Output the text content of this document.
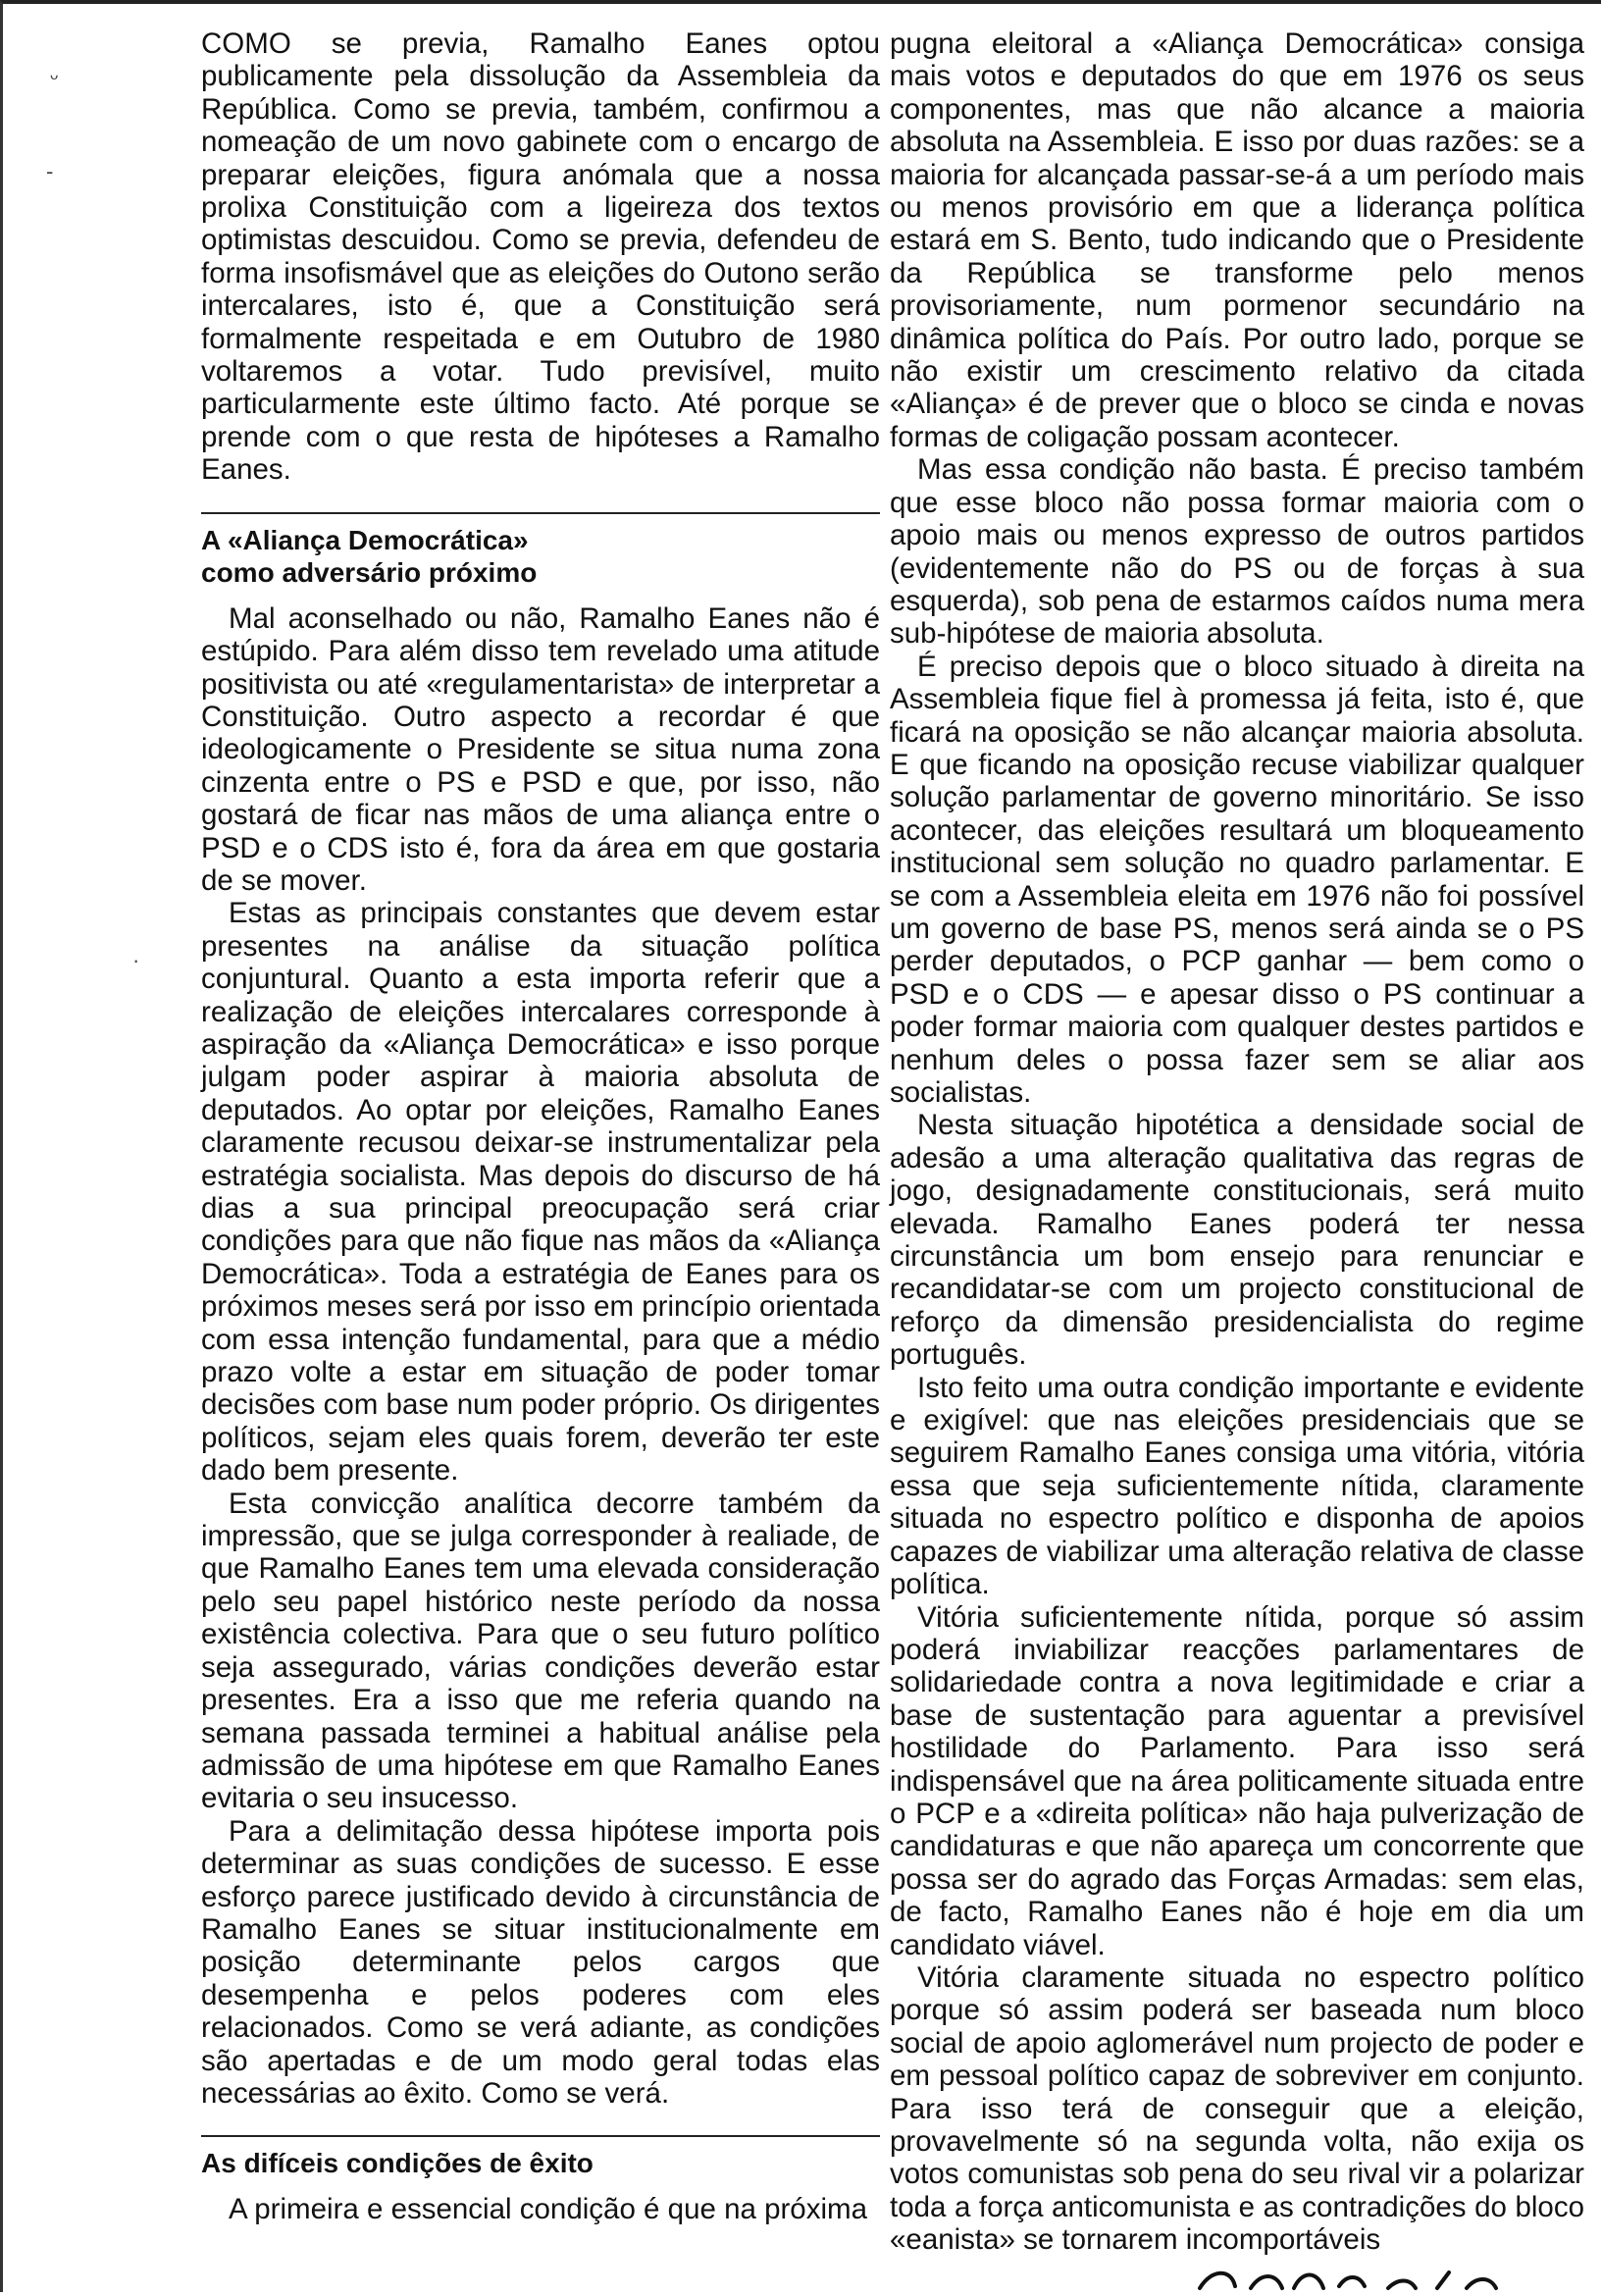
ᵕ
-
·

COMO se previa, Ramalho Eanes optou publicamente pela dissolução da Assembleia da República. Como se previa, também, confirmou a nomeação de um novo gabinete com o encargo de preparar eleições, figura anómala que a nossa prolixa Constituição com a ligeireza dos textos optimistas descuidou. Como se previa, defendeu de forma insofismável que as eleições do Outono serão intercalares, isto é, que a Constituição será formalmente respeitada e em Outubro de 1980 voltaremos a votar. Tudo previsível, muito particularmente este último facto. Até porque se prende com o que resta de hipóteses a Ramalho Eanes.

A «Aliança Democrática»
como adversário próximo

Mal aconselhado ou não, Ramalho Eanes não é estúpido. Para além disso tem revelado uma atitude positivista ou até «regulamentarista» de interpretar a Constituição. Outro aspecto a recordar é que ideologicamente o Presidente se situa numa zona cinzenta entre o PS e PSD e que, por isso, não gostará de ficar nas mãos de uma aliança entre o PSD e o CDS isto é, fora da área em que gostaria de se mover.

Estas as principais constantes que devem estar presentes na análise da situação política conjuntural. Quanto a esta importa referir que a realização de eleições intercalares corresponde à aspiração da «Aliança Democrática» e isso porque julgam poder aspirar à maioria absoluta de deputados. Ao optar por eleições, Ramalho Eanes claramente recusou deixar-se instrumentalizar pela estratégia socialista. Mas depois do discurso de há dias a sua principal preocupação será criar condições para que não fique nas mãos da «Aliança Democrática». Toda a estratégia de Eanes para os próximos meses será por isso em princípio orientada com essa intenção fundamental, para que a médio prazo volte a estar em situação de poder tomar decisões com base num poder próprio. Os dirigentes políticos, sejam eles quais forem, deverão ter este dado bem presente.

Esta convicção analítica decorre também da impressão, que se julga corresponder à realiade, de que Ramalho Eanes tem uma elevada consideração pelo seu papel histórico neste período da nossa existência colectiva. Para que o seu futuro político seja assegurado, várias condições deverão estar presentes. Era a isso que me referia quando na semana passada terminei a habitual análise pela admissão de uma hipótese em que Ramalho Eanes evitaria o seu insucesso.

Para a delimitação dessa hipótese importa pois determinar as suas condições de sucesso. E esse esforço parece justificado devido à circunstância de Ramalho Eanes se situar institucionalmente em posição determinante pelos cargos que desempenha e pelos poderes com eles relacionados. Como se verá adiante, as condições são apertadas e de um modo geral todas elas necessárias ao êxito. Como se verá.

As difíceis condições de êxito

A primeira e essencial condição é que na próxima

pugna eleitoral a «Aliança Democrática» consiga mais votos e deputados do que em 1976 os seus componentes, mas que não alcance a maioria absoluta na Assembleia. E isso por duas razões: se a maioria for alcançada passar-se-á a um período mais ou menos provisório em que a liderança política estará em S. Bento, tudo indicando que o Presidente da República se transforme pelo menos provisoriamente, num pormenor secundário na dinâmica política do País. Por outro lado, porque se não existir um crescimento relativo da citada «Aliança» é de prever que o bloco se cinda e novas formas de coligação possam acontecer.

Mas essa condição não basta. É preciso também que esse bloco não possa formar maioria com o apoio mais ou menos expresso de outros partidos (evidentemente não do PS ou de forças à sua esquerda), sob pena de estarmos caídos numa mera sub-hipótese de maioria absoluta.

É preciso depois que o bloco situado à direita na Assembleia fique fiel à promessa já feita, isto é, que ficará na oposição se não alcançar maioria absoluta. E que ficando na oposição recuse viabilizar qualquer solução parlamentar de governo minoritário. Se isso acontecer, das eleições resultará um bloqueamento institucional sem solução no quadro parlamentar. E se com a Assembleia eleita em 1976 não foi possível um governo de base PS, menos será ainda se o PS perder deputados, o PCP ganhar — bem como o PSD e o CDS — e apesar disso o PS continuar a poder formar maioria com qualquer destes partidos e nenhum deles o possa fazer sem se aliar aos socialistas.

Nesta situação hipotética a densidade social de adesão a uma alteração qualitativa das regras de jogo, designadamente constitucionais, será muito elevada. Ramalho Eanes poderá ter nessa circunstância um bom ensejo para renunciar e recandidatar-se com um projecto constitucional de reforço da dimensão presidencialista do regime português.

Isto feito uma outra condição importante e evidente e exigível: que nas eleições presidenciais que se seguirem Ramalho Eanes consiga uma vitória, vitória essa que seja suficientemente nítida, claramente situada no espectro político e disponha de apoios capazes de viabilizar uma alteração relativa de classe política.

Vitória suficientemente nítida, porque só assim poderá inviabilizar reacções parlamentares de solidariedade contra a nova legitimidade e criar a base de sustentação para aguentar a previsível hostilidade do Parlamento. Para isso será indispensável que na área politicamente situada entre o PCP e a «direita política» não haja pulverização de candidaturas e que não apareça um concorrente que possa ser do agrado das Forças Armadas: sem elas, de facto, Ramalho Eanes não é hoje em dia um candidato viável.

Vitória claramente situada no espectro político porque só assim poderá ser baseada num bloco social de apoio aglomerável num projecto de poder e em pessoal político capaz de sobreviver em conjunto. Para isso terá de conseguir que a eleição, provavelmente só na segunda volta, não exija os votos comunistas sob pena do seu rival vir a polarizar toda a força anticomunista e as contradições do bloco «eanista» se tornarem incomportáveis
